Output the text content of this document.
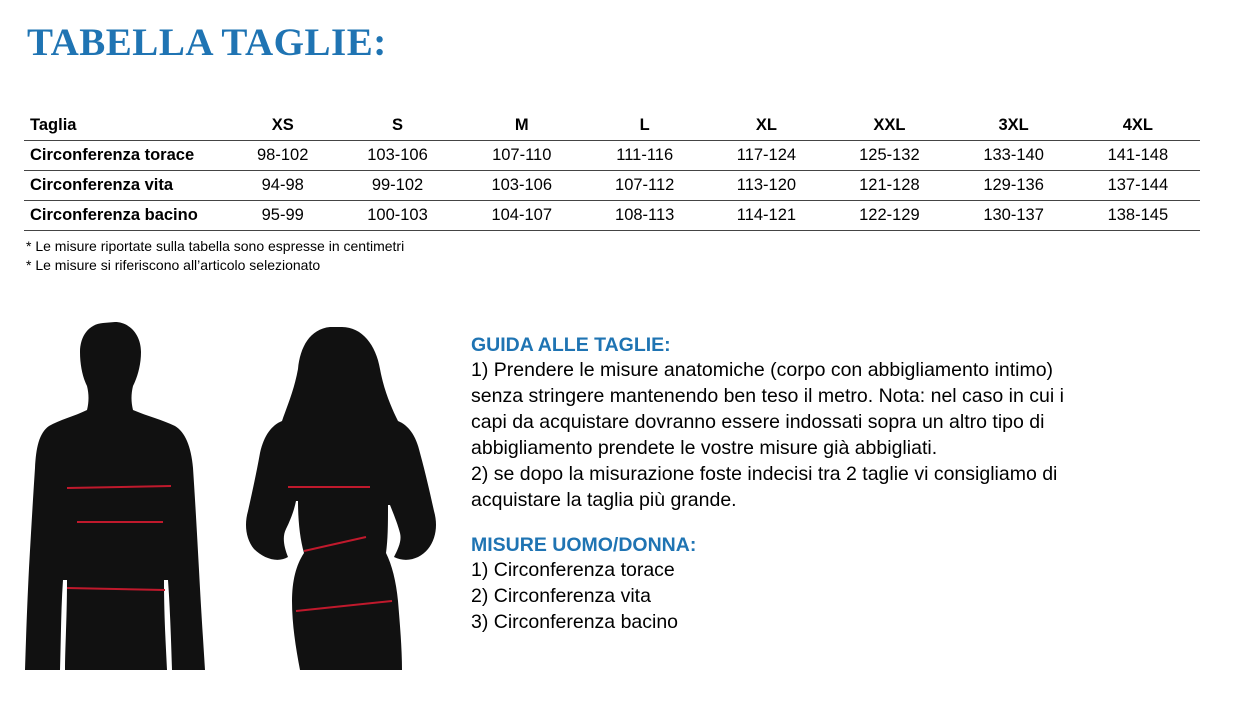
TABELLA TAGLIE:
Taglia	XS	S	M	L	XL	XXL	3XL	4XL
Circonferenza torace	98-102	103-106	107-110	111-116	117-124	125-132	133-140	141-148
Circonferenza vita	94-98	99-102	103-106	107-112	113-120	121-128	129-136	137-144
Circonferenza bacino	95-99	100-103	104-107	108-113	114-121	122-129	130-137	138-145
* Le misure riportate sulla tabella sono espresse in centimetri
* Le misure si riferiscono all’articolo selezionato
GUIDA ALLE TAGLIE:

1) Prendere le misure anatomiche (corpo con abbigliamento intimo)

senza stringere mantenendo ben teso il metro. Nota: nel caso in cui i

capi da acquistare dovranno essere indossati sopra un altro tipo di

abbigliamento prendete le vostre misure già abbigliati.

2) se dopo la misurazione foste indecisi tra 2 taglie vi consigliamo di

acquistare la taglia più grande.

MISURE UOMO/DONNA:

1) Circonferenza torace

2) Circonferenza vita

3) Circonferenza bacino
